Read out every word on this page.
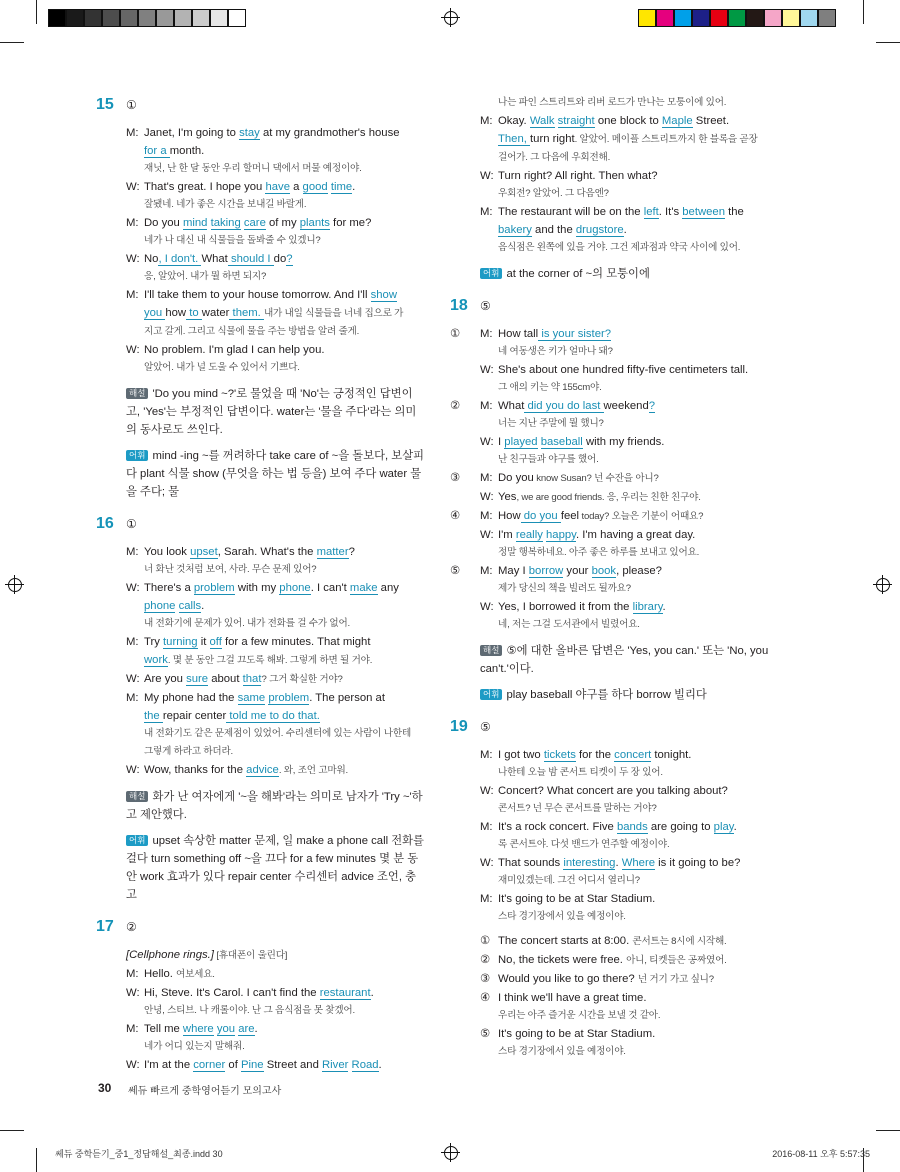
15	①
M: Janet, I'm going to stay at my grandmother's house
for a month.
재닛, 난 한 달 동안 우리 할머니 댁에서 머물 예정이야.
W: That's great. I hope you have a good time.
잘됐네. 네가 좋은 시간을 보내길 바랄게.
M: Do you mind taking care of my plants for me?
네가 나 대신 내 식물들을 돌봐줄 수 있겠니?
W: No, I don't. What should I do?
응, 알았어. 내가 뭘 하면 되지?
M: I'll take them to your house tomorrow. And I'll show
you how to water them. 내가 내일 식물들을 너네 집으로 가
지고 갈게. 그리고 식물에 물을 주는 방법을 알려 줄게.
W: No problem. I'm glad I can help you.
알았어. 내가 널 도울 수 있어서 기쁘다.
해설 'Do you mind ~?'로 물었을 때 'No'는 긍정적인 답변이고, 'Yes'는 부정적인 답변이다. water는 '물을 주다'라는 의미의 동사로도 쓰인다.
어휘 mind -ing ~를 꺼려하다 take care of ~을 돌보다, 보살피다 plant 식물 show (무엇을 하는 법 등을) 보여 주다 water 물을 주다; 물
16	①
M: You look upset, Sarah. What's the matter?
너 화난 것처럼 보여, 사라. 무슨 문제 있어?
W: There's a problem with my phone. I can't make any
phone calls.
내 전화기에 문제가 있어. 내가 전화를 걸 수가 없어.
M: Try turning it off for a few minutes. That might
work. 몇 분 동안 그걸 끄도록 해봐. 그렇게 하면 될 거야.
W: Are you sure about that? 그거 확실한 거야?
M: My phone had the same problem. The person at
the repair center told me to do that.
내 전화기도 같은 문제점이 있었어. 수리센터에 있는 사람이 나한테
그렇게 하라고 하더라.
W: Wow, thanks for the advice. 와, 조언 고마워.
해설 화가 난 여자에게 '~을 해봐'라는 의미로 남자가 'Try ~'하고 제안했다.
어휘 upset 속상한 matter 문제, 일 make a phone call 전화를 걸다 turn something off ~을 끄다 for a few minutes 몇 분 동안 work 효과가 있다 repair center 수리센터 advice 조언, 충고
17	②
[Cellphone rings.] [휴대폰이 울린다]
M: Hello. 여보세요.
W: Hi, Steve. It's Carol. I can't find the restaurant.
안녕, 스티브. 나 캐롤이야. 난 그 음식점을 못 찾겠어.
M: Tell me where you are.
네가 어디 있는지 말해줘.
W: I'm at the corner of Pine Street and River Road.
나는 파인 스트리트와 리버 로드가 만나는 모퉁이에 있어.
M: Okay. Walk straight one block to Maple Street.
Then, turn right. 알았어. 메이플 스트리트까지 한 블록을 곧장
걸어가. 그 다음에 우회전해.
W: Turn right? All right. Then what?
우회전? 알았어. 그 다음엔?
M: The restaurant will be on the left. It's between the
bakery and the drugstore.
음식점은 왼쪽에 있을 거야. 그건 제과점과 약국 사이에 있어.
어휘 at the corner of ~의 모퉁이에
18	⑤
①	M: How tall is your sister?
네 여동생은 키가 얼마나 돼?
W: She's about one hundred fifty-five centimeters tall.
그 애의 키는 약 155cm야.
②	M: What did you do last weekend?
너는 지난 주말에 뭘 했니?
W: I played baseball with my friends.
난 친구들과 야구를 했어.
③	M: Do you know Susan? 넌 수잔을 아니?
W: Yes, we are good friends. 응, 우리는 친한 친구야.
④	M: How do you feel today? 오늘은 기분이 어때요?
W: I'm really happy. I'm having a great day.
정말 행복하네요. 아주 좋은 하루를 보내고 있어요.
⑤	M: May I borrow your book, please?
제가 당신의 책을 빌려도 될까요?
W: Yes, I borrowed it from the library.
네, 저는 그걸 도서관에서 빌렸어요.
해설 ⑤에 대한 올바른 답변은 'Yes, you can.' 또는 'No, you can't.'이다.
어휘 play baseball 야구를 하다 borrow 빌리다
19	⑤
M: I got two tickets for the concert tonight.
나한테 오늘 밤 콘서트 티켓이 두 장 있어.
W: Concert? What concert are you talking about?
콘서트? 넌 무슨 콘서트를 말하는 거야?
M: It's a rock concert. Five bands are going to play.
록 콘서트야. 다섯 밴드가 연주할 예정이야.
W: That sounds interesting. Where is it going to be?
재미있겠는데. 그건 어디서 열리니?
M: It's going to be at Star Stadium.
스타 경기장에서 있을 예정이야.
① The concert starts at 8:00. 콘서트는 8시에 시작해.
② No, the tickets were free. 아니, 티켓들은 공짜였어.
③ Would you like to go there? 넌 거기 가고 싶니?
④ I think we'll have a great time.
우리는 아주 즐거운 시간을 보낼 것 같아.
⑤ It's going to be at Star Stadium.
스타 경기장에서 있을 예정이야.
30 쎄듀 빠르게 중학영어듣기 모의고사
쎄듀 중학듣기_중1_정답해설_최종.indd 30	2016-08-11 오후 5:57:35
